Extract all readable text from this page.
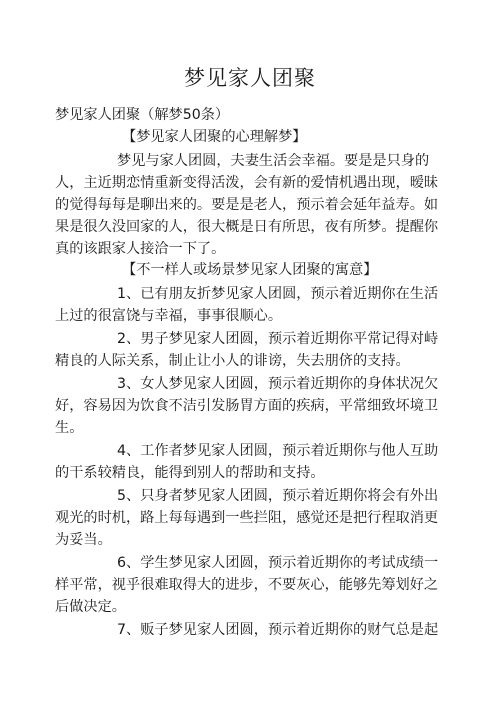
梦见家人团聚
梦见家人团聚（解梦50条）
【梦见家人团聚的心理解梦】
梦见与家人团圆，夫妻生活会幸福。要是是只身的
人，主近期恋情重新变得活泼，会有新的爱情机遇出现，暧昧
的觉得每每是聊出来的。要是是老人，预示着会延年益寿。如
果是很久没回家的人，很大概是日有所思，夜有所梦。提醒你
真的该跟家人接洽一下了。
【不一样人或场景梦见家人团聚的寓意】
1、已有朋友折梦见家人团圆，预示着近期你在生活
上过的很富饶与幸福，事事很顺心。
2、男子梦见家人团圆，预示着近期你平常记得对峙
精良的人际关系，制止让小人的诽谤，失去朋侪的支持。
3、女人梦见家人团圆，预示着近期你的身体状况欠
好，容易因为饮食不洁引发肠胃方面的疾病，平常细致坏境卫
生。
4、工作者梦见家人团圆，预示着近期你与他人互助
的干系较精良，能得到别人的帮助和支持。
5、只身者梦见家人团圆，预示着近期你将会有外出
观光的时机，路上每每遇到一些拦阻，感觉还是把行程取消更
为妥当。
6、学生梦见家人团圆，预示着近期你的考试成绩一
样平常，视乎很难取得大的进步，不要灰心，能够先筹划好之
后做决定。
7、贩子梦见家人团圆，预示着近期你的财气总是起
